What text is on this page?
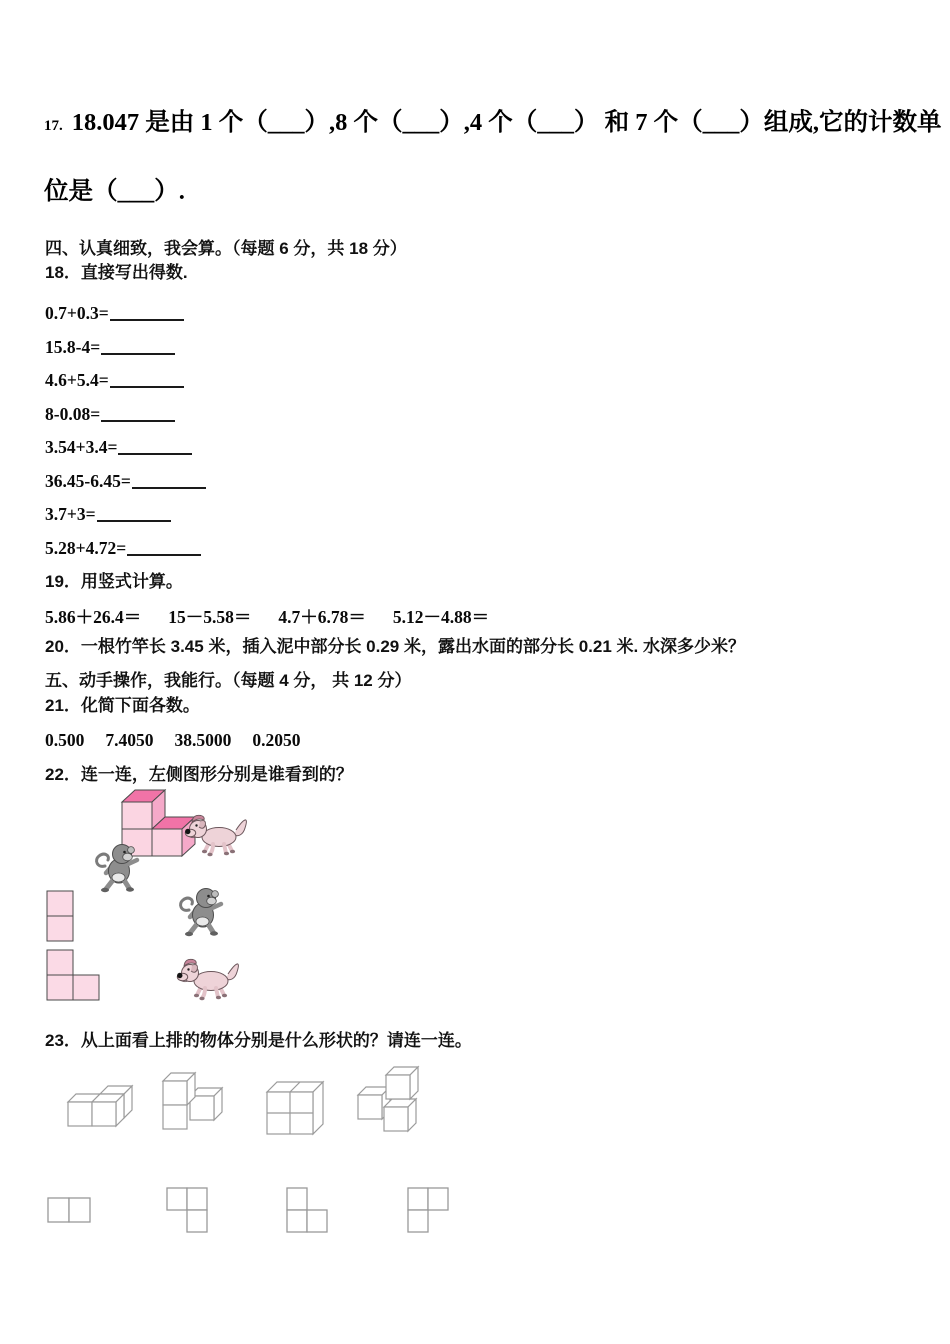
17. 18.047 是由 1 个（___）,8 个（___）,4 个（___） 和 7 个（___）组成,它的计数单
位是（___）.
四、认真细致，我会算。（每题 6 分，共 18 分）
18．直接写出得数.
0.7+0.3=
15.8-4=
4.6+5.4=
8-0.08=
3.54+3.4=
36.45-6.45=
3.7+3=
5.28+4.72=
19．用竖式计算。
5.86＋26.4＝ 15－5.58＝ 4.7＋6.78＝ 5.12－4.88＝
20．一根竹竿长 3.45 米，插入泥中部分长 0.29 米，露出水面的部分长 0.21 米. 水深多少米？
五、动手操作，我能行。（每题 4 分， 共 12 分）
21．化简下面各数。
0.500 7.4050 38.5000 0.2050
22．连一连，左侧图形分别是谁看到的？
23．从上面看上排的物体分别是什么形状的？请连一连。
